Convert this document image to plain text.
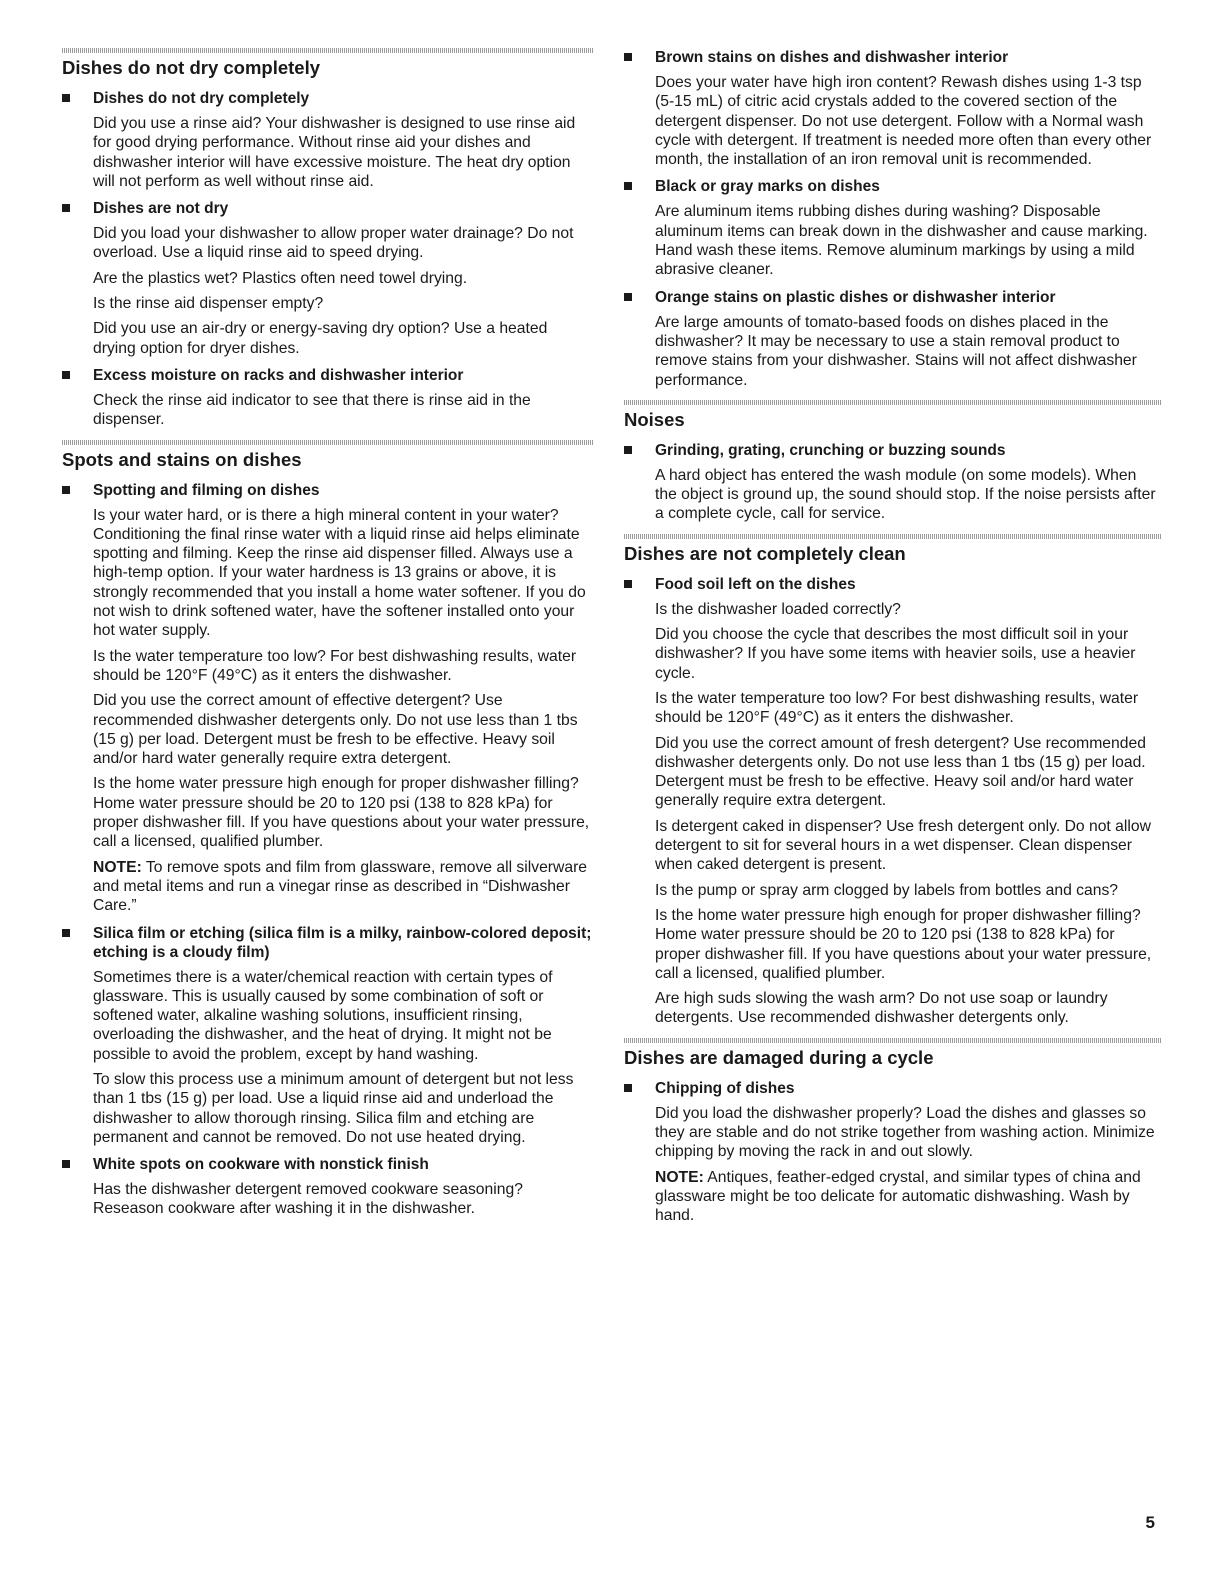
Dishes do not dry completely
Dishes do not dry completely

Did you use a rinse aid? Your dishwasher is designed to use rinse aid for good drying performance. Without rinse aid your dishes and dishwasher interior will have excessive moisture. The heat dry option will not perform as well without rinse aid.

Dishes are not dry

Did you load your dishwasher to allow proper water drainage? Do not overload. Use a liquid rinse aid to speed drying.

Are the plastics wet? Plastics often need towel drying.

Is the rinse aid dispenser empty?

Did you use an air-dry or energy-saving dry option? Use a heated drying option for dryer dishes.

Excess moisture on racks and dishwasher interior

Check the rinse aid indicator to see that there is rinse aid in the dispenser.

Spots and stains on dishes
Spotting and filming on dishes

Is your water hard, or is there a high mineral content in your water? Conditioning the final rinse water with a liquid rinse aid helps eliminate spotting and filming. Keep the rinse aid dispenser filled. Always use a high-temp option. If your water hardness is 13 grains or above, it is strongly recommended that you install a home water softener. If you do not wish to drink softened water, have the softener installed onto your hot water supply.

Is the water temperature too low? For best dishwashing results, water should be 120°F (49°C) as it enters the dishwasher.

Did you use the correct amount of effective detergent? Use recommended dishwasher detergents only. Do not use less than 1 tbs (15 g) per load. Detergent must be fresh to be effective. Heavy soil and/or hard water generally require extra detergent.

Is the home water pressure high enough for proper dishwasher filling? Home water pressure should be 20 to 120 psi (138 to 828 kPa) for proper dishwasher fill. If you have questions about your water pressure, call a licensed, qualified plumber.

NOTE: To remove spots and film from glassware, remove all silverware and metal items and run a vinegar rinse as described in “Dishwasher Care.”

Silica film or etching (silica film is a milky, rainbow-colored deposit; etching is a cloudy film)

Sometimes there is a water/chemical reaction with certain types of glassware. This is usually caused by some combination of soft or softened water, alkaline washing solutions, insufficient rinsing, overloading the dishwasher, and the heat of drying. It might not be possible to avoid the problem, except by hand washing.

To slow this process use a minimum amount of detergent but not less than 1 tbs (15 g) per load. Use a liquid rinse aid and underload the dishwasher to allow thorough rinsing. Silica film and etching are permanent and cannot be removed. Do not use heated drying.

White spots on cookware with nonstick finish

Has the dishwasher detergent removed cookware seasoning? Reseason cookware after washing it in the dishwasher.

Brown stains on dishes and dishwasher interior

Does your water have high iron content? Rewash dishes using 1-3 tsp (5-15 mL) of citric acid crystals added to the covered section of the detergent dispenser. Do not use detergent. Follow with a Normal wash cycle with detergent. If treatment is needed more often than every other month, the installation of an iron removal unit is recommended.

Black or gray marks on dishes

Are aluminum items rubbing dishes during washing? Disposable aluminum items can break down in the dishwasher and cause marking. Hand wash these items. Remove aluminum markings by using a mild abrasive cleaner.

Orange stains on plastic dishes or dishwasher interior

Are large amounts of tomato-based foods on dishes placed in the dishwasher? It may be necessary to use a stain removal product to remove stains from your dishwasher. Stains will not affect dishwasher performance.

Noises
Grinding, grating, crunching or buzzing sounds

A hard object has entered the wash module (on some models). When the object is ground up, the sound should stop. If the noise persists after a complete cycle, call for service.

Dishes are not completely clean
Food soil left on the dishes

Is the dishwasher loaded correctly?

Did you choose the cycle that describes the most difficult soil in your dishwasher? If you have some items with heavier soils, use a heavier cycle.

Is the water temperature too low? For best dishwashing results, water should be 120°F (49°C) as it enters the dishwasher.

Did you use the correct amount of fresh detergent? Use recommended dishwasher detergents only. Do not use less than 1 tbs (15 g) per load. Detergent must be fresh to be effective. Heavy soil and/or hard water generally require extra detergent.

Is detergent caked in dispenser? Use fresh detergent only. Do not allow detergent to sit for several hours in a wet dispenser. Clean dispenser when caked detergent is present.

Is the pump or spray arm clogged by labels from bottles and cans?

Is the home water pressure high enough for proper dishwasher filling? Home water pressure should be 20 to 120 psi (138 to 828 kPa) for proper dishwasher fill. If you have questions about your water pressure, call a licensed, qualified plumber.

Are high suds slowing the wash arm? Do not use soap or laundry detergents. Use recommended dishwasher detergents only.

Dishes are damaged during a cycle
Chipping of dishes

Did you load the dishwasher properly? Load the dishes and glasses so they are stable and do not strike together from washing action. Minimize chipping by moving the rack in and out slowly.

NOTE: Antiques, feather-edged crystal, and similar types of china and glassware might be too delicate for automatic dishwashing. Wash by hand.

5
